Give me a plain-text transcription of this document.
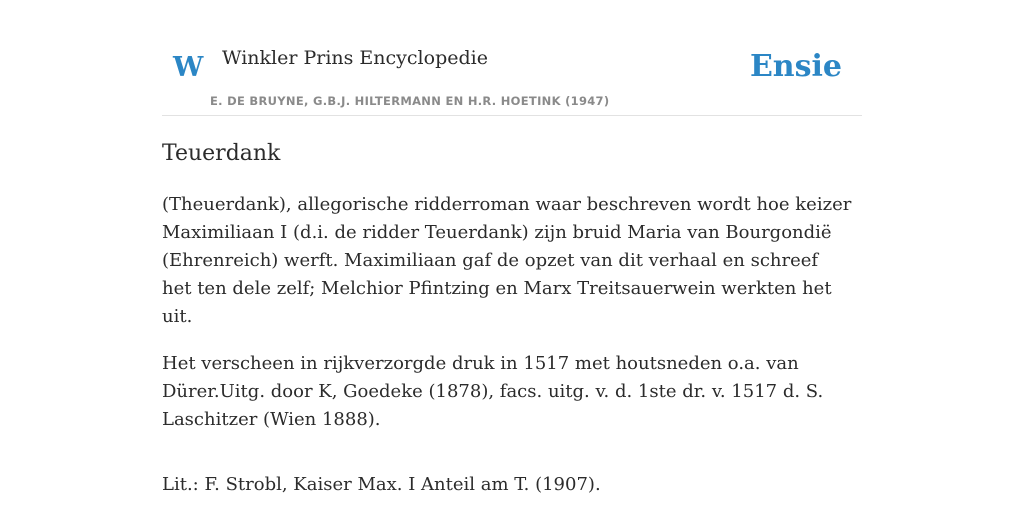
W Winkler Prins Encyclopedie
E. DE BRUYNE, G.B.J. HILTERMANN EN H.R. HOETINK (1947)
Ensie
Teuerdank

(Theuerdank), allegorische ridderroman waar beschreven wordt hoe keizer Maximiliaan I (d.i. de ridder Teuerdank) zijn bruid Maria van Bourgondië (Ehrenreich) werft. Maximiliaan gaf de opzet van dit verhaal en schreef het ten dele zelf; Melchior Pfintzing en Marx Treitsauerwein werkten het uit.

Het verscheen in rijkverzorgde druk in 1517 met houtsneden o.a. van Dürer.Uitg. door K, Goedeke (1878), facs. uitg. v. d. 1ste dr. v. 1517 d. S. Laschitzer (Wien 1888).

Lit.: F. Strobl, Kaiser Max. I Anteil am T. (1907).
